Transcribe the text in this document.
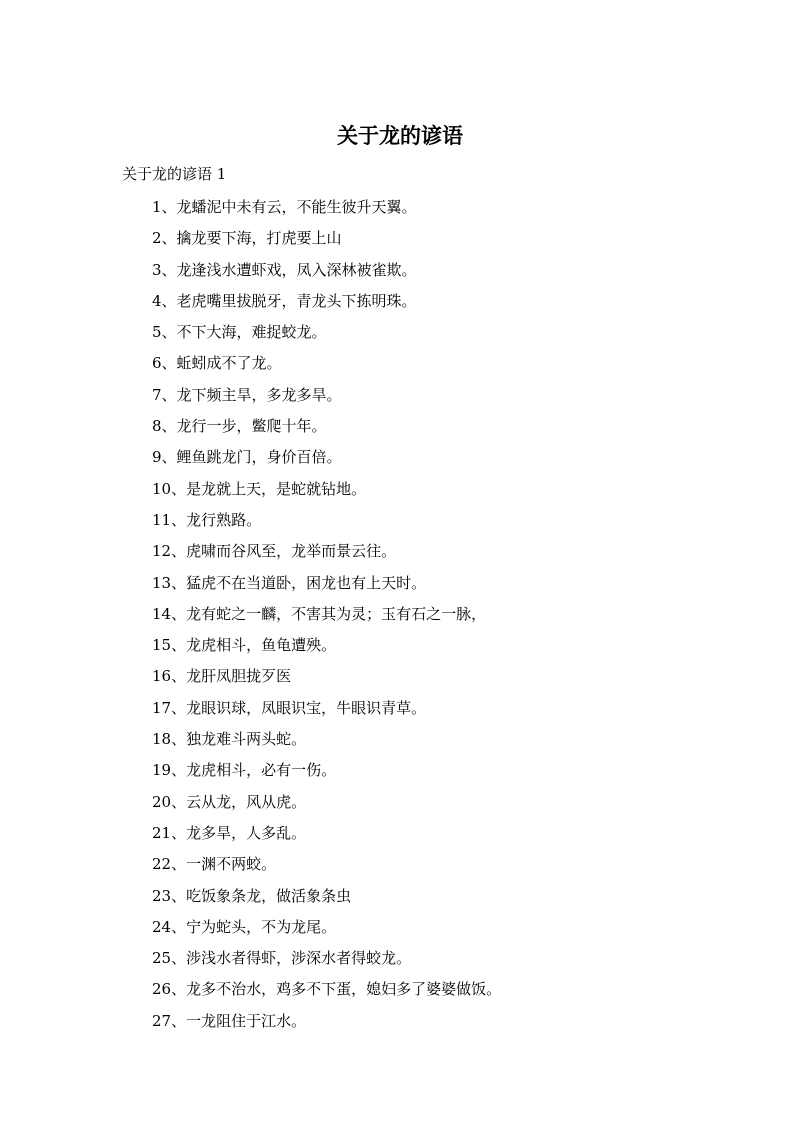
关于龙的谚语

关于龙的谚语 1

1、龙蟠泥中未有云，不能生彼升天翼。
2、擒龙要下海，打虎要上山
3、龙逢浅水遭虾戏，凤入深林被雀欺。
4、老虎嘴里拔脱牙，青龙头下拣明珠。
5、不下大海，难捉蛟龙。
6、蚯蚓成不了龙。
7、龙下频主旱，多龙多旱。
8、龙行一步，鳖爬十年。
9、鲤鱼跳龙门，身价百倍。
10、是龙就上天，是蛇就钻地。
11、龙行熟路。
12、虎啸而谷风至，龙举而景云往。
13、猛虎不在当道卧，困龙也有上天时。
14、龙有蛇之一麟，不害其为灵；玉有石之一脉，
15、龙虎相斗，鱼龟遭殃。
16、龙肝凤胆拢歹医
17、龙眼识球，凤眼识宝，牛眼识青草。
18、独龙难斗两头蛇。
19、龙虎相斗，必有一伤。
20、云从龙，风从虎。
21、龙多旱，人多乱。
22、一渊不两蛟。
23、吃饭象条龙，做活象条虫
24、宁为蛇头，不为龙尾。
25、涉浅水者得虾，涉深水者得蛟龙。
26、龙多不治水，鸡多不下蛋，媳妇多了婆婆做饭。
27、一龙阻住于江水。
